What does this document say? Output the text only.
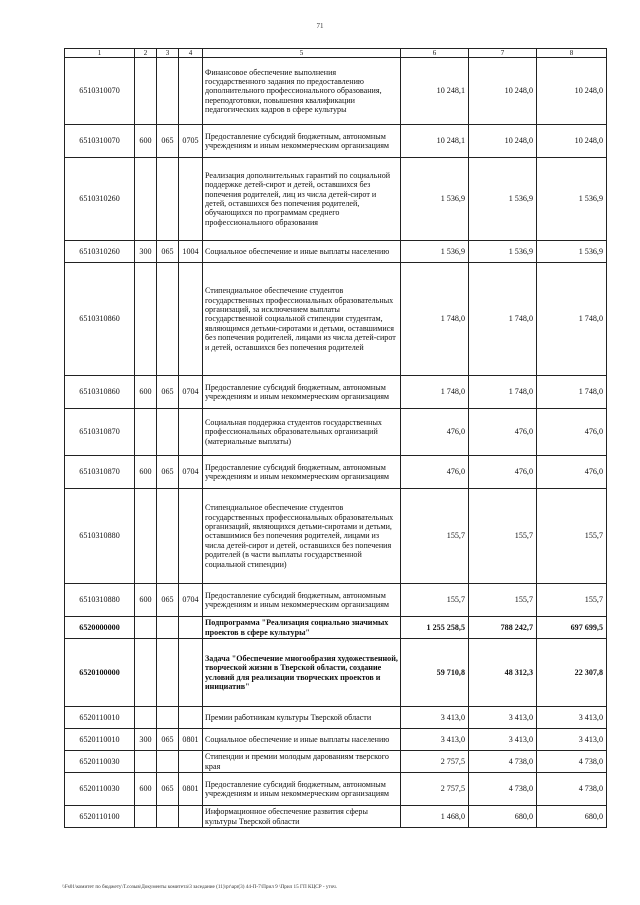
71
1	2	3	4	5	6	7	8
6510310070				Финансовое обеспечение выполнения государственного задания по предоставлению дополнительного профессионального образования, переподготовки, повышения квалификации педагогических кадров в сфере культуры	10 248,1	10 248,0	10 248,0
6510310070	600	065	0705	Предоставление субсидий бюджетным, автономным учреждениям и иным некоммерческим организациям	10 248,1	10 248,0	10 248,0
6510310260				Реализация дополнительных гарантий по социальной поддержке детей-сирот и детей, оставшихся без попечения родителей, лиц из числа детей-сирот и детей, оставшихся без попечения родителей, обучающихся по программам среднего профессионального образования	1 536,9	1 536,9	1 536,9
6510310260	300	065	1004	Социальное обеспечение и иные выплаты населению	1 536,9	1 536,9	1 536,9
6510310860				Стипендиальное обеспечение студентов государственных профессиональных образовательных организаций, за исключением выплаты государственной социальной стипендии студентам, являющимся детьми-сиротами и детьми, оставшимися без попечения родителей, лицами из числа детей-сирот и детей, оставшихся без попечения родителей	1 748,0	1 748,0	1 748,0
6510310860	600	065	0704	Предоставление субсидий бюджетным, автономным учреждениям и иным некоммерческим организациям	1 748,0	1 748,0	1 748,0
6510310870				Социальная поддержка студентов государственных профессиональных образовательных организаций (материальные выплаты)	476,0	476,0	476,0
6510310870	600	065	0704	Предоставление субсидий бюджетным, автономным учреждениям и иным некоммерческим организациям	476,0	476,0	476,0
6510310880				Стипендиальное обеспечение студентов государственных профессиональных образовательных организаций, являющихся детьми-сиротами и детьми, оставшимися без попечения родителей, лицами из числа детей-сирот и детей, оставшихся без попечения родителей (в части выплаты государственной социальной стипендии)	155,7	155,7	155,7
6510310880	600	065	0704	Предоставление субсидий бюджетным, автономным учреждениям и иным некоммерческим организациям	155,7	155,7	155,7
6520000000				Подпрограмма "Реализация социально значимых проектов в сфере культуры"	1 255 258,5	788 242,7	697 699,5
6520100000				Задача "Обеспечение многообразия художественной, творческой жизни в Тверской области, создание условий для реализации творческих проектов и инициатив"	59 710,8	48 312,3	22 307,8
6520110010				Премии работникам культуры Тверской области	3 413,0	3 413,0	3 413,0
6520110010	300	065	0801	Социальное обеспечение и иные выплаты населению	3 413,0	3 413,0	3 413,0
6520110030				Стипендии и премии молодым дарованиям тверского края	2 757,5	4 738,0	4 738,0
6520110030	600	065	0801	Предоставление субсидий бюджетным, автономным учреждениям и иным некоммерческим организациям	2 757,5	4 738,0	4 738,0
6520110100				Информационное обеспечение развития сферы культуры Тверской области	1 468,0	680,0	680,0
\\Fs01\комитет по бюджету\Т.созыв\Документы комитета\3 заседание (11)\pr\apr(3) 44-П-7\Прил 9 \Прил 15 ГП КЦСР - уточ.
